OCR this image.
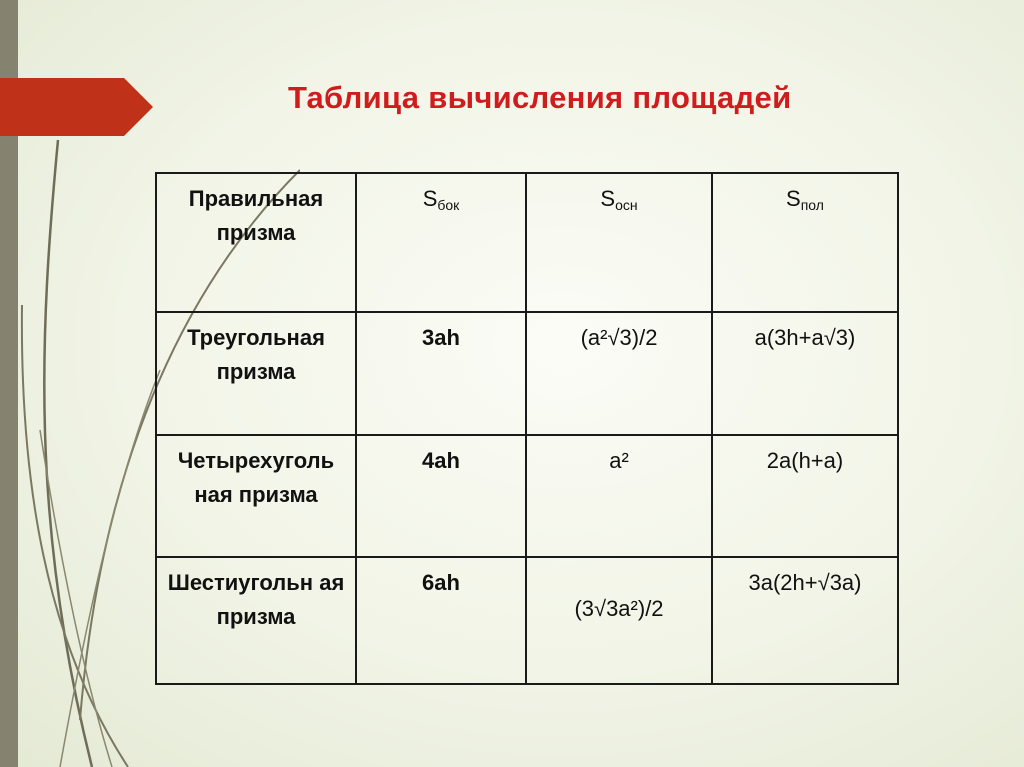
Таблица вычисления площадей
Правильная призма	$S_{бок}$	$S_{осн}$	$S_{пол}$
Треугольная призма	3ah	(a²√3)/2	a(3h+a√3)
Четырехуголь ная призма	4ah	a²	2a(h+a)
Шестиугольн ая призма	6ah	(3√3a²)/2	3a(2h+√3a)
